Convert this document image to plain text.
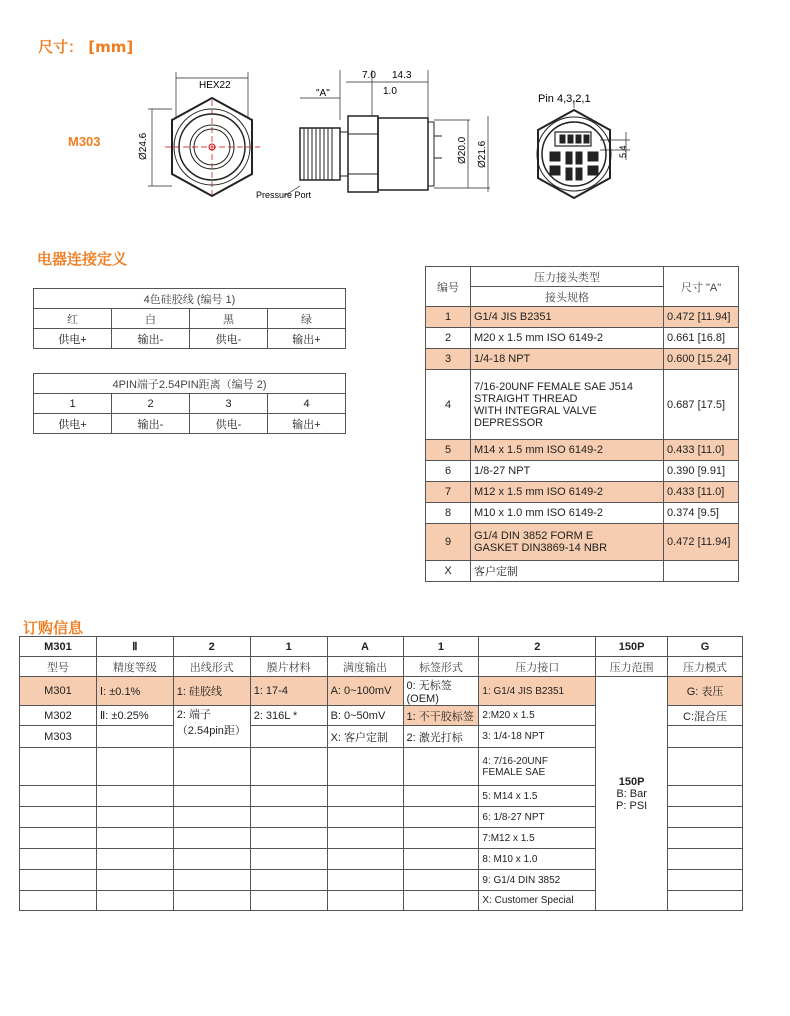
尺寸： [mm]
电器连接定义
订购信息
M303
HEX22
Ø24.6
7.0 14.3
"A"	1.0
Ø20.0 Ø21.6
Pressure Port
Pin 4,3,2,1
5.4
4色硅胶线 (编号 1)			
红	白	黑	绿
供电+	输出-	供电-	输出+
4PIN端子2.54PIN距离（编号 2)			
1	2	3	4
供电+	输出-	供电-	输出+
编号	压力接头类型	尺寸 "A"
	接头规格	
1	G1/4 JIS B2351	0.472 [11.94]
2	M20 x 1.5 mm ISO 6149-2	0.661 [16.8]
3	1/4-18 NPT	0.600 [15.24]
4	7/16-20UNF FEMALE SAE J514
STRAIGHT THREAD
WITH INTEGRAL VALVE
DEPRESSOR	0.687 [17.5]
5	M14 x 1.5 mm ISO 6149-2	0.433 [11.0]
6	1/8-27 NPT	0.390 [9.91]
7	M12 x 1.5 mm ISO 6149-2	0.433 [11.0]
8	M10 x 1.0 mm ISO 6149-2	0.374 [9.5]
9	G1/4 DIN 3852 FORM E
GASKET DIN3869-14 NBR	0.472 [11.94]
X	客户定制	
M301	Ⅱ	2	1	A	1	2	150P	G
型号	精度等级	出线形式	膜片材料	满度输出	标签形式	压力接口	压力范围	压力模式
M301	Ⅰ: ±0.1%	1: 硅胶线	1: 17-4	A: 0~100mV	0: 无标签(OEM)	1: G1/4 JIS B2351	150P
B: Bar
P: PSI	G: 表压
M302	Ⅱ: ±0.25%	2: 端子
（2.54pin距）	2: 316L *	B: 0~50mV	1: 不干胶标签	2:M20 x 1.5		C:混合压
M303				X: 客户定制	2: 激光打标	3: 1/4-18 NPT		
						4: 7/16-20UNF
FEMALE SAE		
						5: M14 x 1.5		
						6: 1/8-27 NPT		
						7:M12 x 1.5		
						8: M10 x 1.0		
						9: G1/4 DIN 3852		
						X: Customer Special		
